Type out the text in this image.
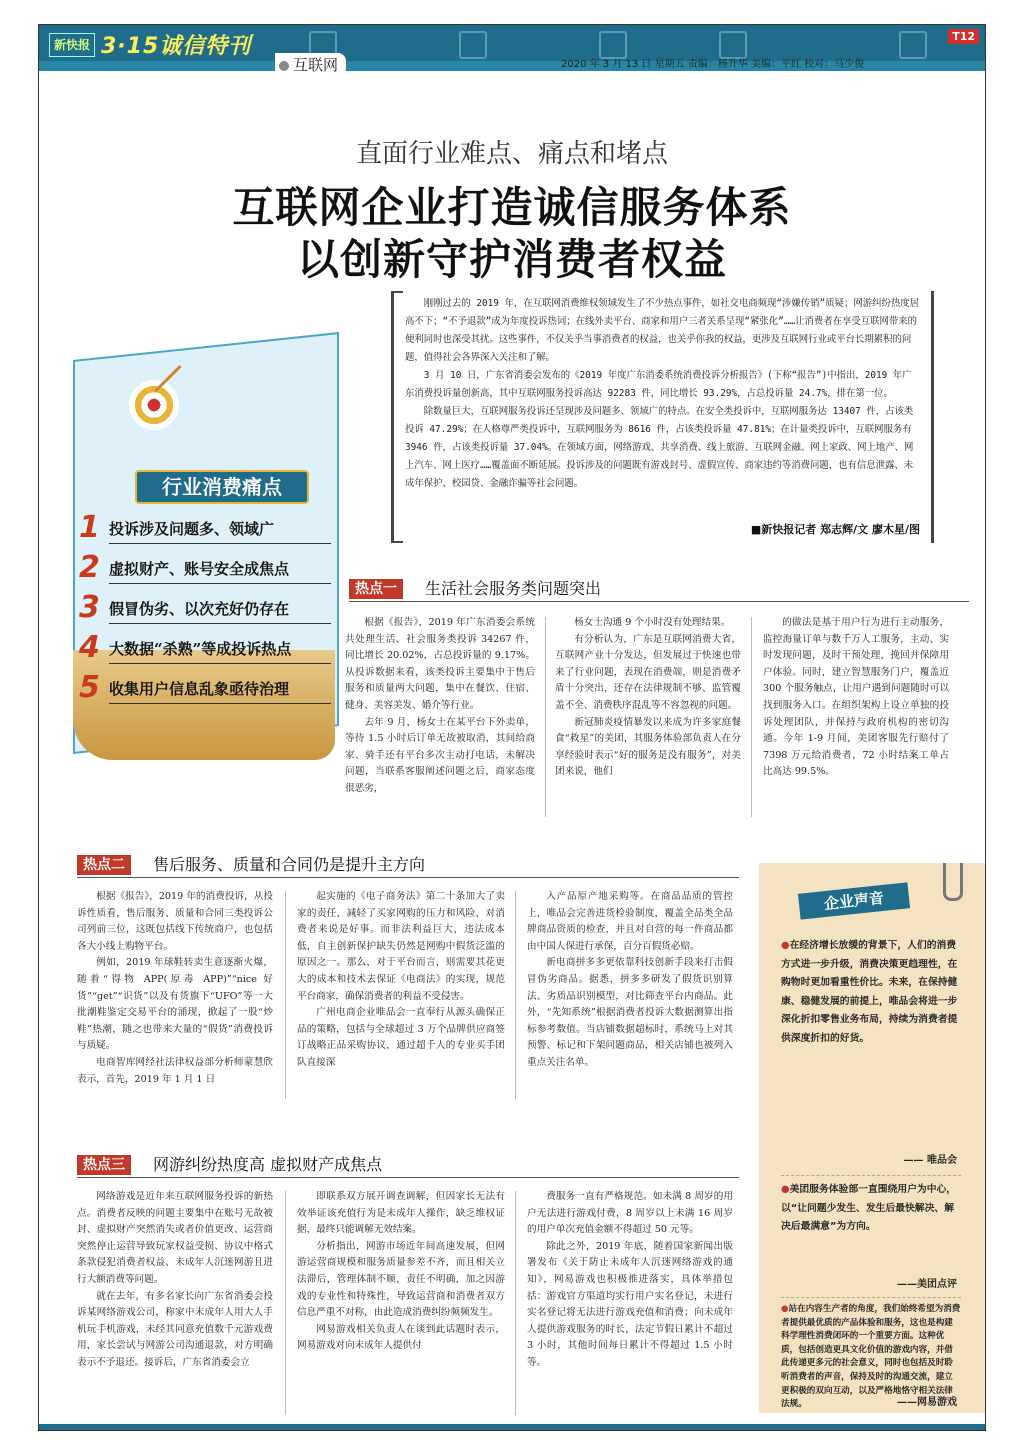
新快报 3·15诚信特刊	T12
互联网	2020 年 3 月 13 日 星期五 责编：杨升华 美编：平红 校对：马少俊
直面行业难点、痛点和堵点
互联网企业打造诚信服务体系
以创新守护消费者权益
行业消费痛点
1 投诉涉及问题多、领域广
2 虚拟财产、账号安全成焦点
3 假冒伪劣、以次充好仍存在
4 大数据“杀熟”等成投诉热点
5 收集用户信息乱象亟待治理

刚刚过去的 2019 年，在互联网消费维权领域发生了不少热点事件，如社交电商频现“涉嫌传销”质疑；网游纠纷热度居高不下；“不予退款”成为年度投诉热词；在线外卖平台、商家和用户三者关系呈现“紧张化”……让消费者在享受互联网带来的便利同时也深受其扰。这些事件，不仅关乎当事消费者的权益，也关乎你我的权益，更涉及互联网行业或平台长期累积的问题，值得社会各界深入关注和了解。

3 月 10 日，广东省消委会发布的《2019 年度广东消委系统消费投诉分析报告》(下称“报告”)中指出，2019 年广东消费投诉量创新高，其中互联网服务投诉高达 92283 件，同比增长 93.29%，占总投诉量 24.7%，排在第一位。

除数量巨大，互联网服务投诉还呈现涉及问题多、领域广的特点。在安全类投诉中，互联网服务达 13407 件，占该类投诉 47.29%；在人格尊严类投诉中，互联网服务为 8616 件，占该类投诉量 47.81%；在计量类投诉中，互联网服务有 3946 件，占该类投诉量 37.04%。在领域方面，网络游戏、共享消费、线上旅游、互联网金融、网上家政、网上地产、网上汽车、网上医疗……覆盖面不断延展。投诉涉及的问题既有游戏封号、虚假宣传、商家违约等消费问题，也有信息泄露、未成年保护、校园贷、金融诈骗等社会问题。

■新快报记者 郑志辉/文 廖木星/图
热点一	生活社会服务类问题突出

根据《报告》，2019 年广东消委会系统共处理生活、社会服务类投诉 34267 件，同比增长 20.02%，占总投诉量的 9.17%。从投诉数据来看，该类投诉主要集中于售后服务和质量两大问题，集中在餐饮、住宿、健身、美容美发、婚介等行业。

去年 9 月，杨女士在某平台下外卖单，等待 1.5 小时后订单无故被取消，其间给商家、骑手还有平台多次主动打电话，未解决问题，当联系客服阐述问题之后，商家态度很恶劣，

杨女士沟通 9 个小时没有处理结果。

有分析认为，广东是互联网消费大省，互联网产业十分发达，但发展过于快速也带来了行业问题，表现在消费端，则是消费矛盾十分突出，还存在法律规制不够、监管覆盖不全、消费秩序混乱等不容忽视的问题。

新冠肺炎疫情暴发以来成为许多家庭餐食“救星”的美团，其服务体验部负责人在分享经验时表示“好的服务是没有服务”，对美团来说，他们

的做法是基于用户行为进行主动服务，监控海量订单与数千万人工服务，主动、实时发现问题，及时干预处理，挽回并保障用户体验。同时，建立智慧服务门户，覆盖近 300 个服务触点，让用户遇到问题随时可以找到服务入口。在组织架构上设立单独的投诉处理团队，并保持与政府机构的密切沟通。今年 1-9 月间，美团客服先行赔付了 7398 万元给消费者，72 小时结案工单占比高达 99.5%。

热点二	售后服务、质量和合同仍是提升主方向

根据《报告》，2019 年的消费投诉，从投诉性质看，售后服务、质量和合同三类投诉公司列前三位，这既包括线下传统商户，也包括各大小线上购物平台。

例如，2019 年球鞋转卖生意逐渐火爆，随着“得物 APP(原毒 APP)”“nice 好货”“get”“识货”以及有货旗下“UFO”等一大批潮鞋鉴定交易平台的涌现，掀起了一股“炒鞋”热潮，随之也带来大量的“假货”消费投诉与质疑。

电商智库网经社法律权益部分析师蒙慧欣表示，首先，2019 年 1 月 1 日

起实施的《电子商务法》第二十条加大了卖家的责任，减轻了买家网购的压力和风险，对消费者来说是好事。而非法利益巨大，违法成本低，自主创新保护缺失仍然是网购中假货泛滥的原因之一。那么，对于平台而言，则需要其花更大的成本和技术去保证《电商法》的实现，规范平台商家，确保消费者的利益不受侵害。

广州电商企业唯品会一直奉行从源头确保正品的策略，包括与全球超过 3 万个品牌供应商签订战略正品采购协议，通过超千人的专业买手团队直接深

入产品原产地采购等。在商品品质的管控上，唯品会完善进货检验制度，覆盖全品类全品牌商品资质的检查，并且对自营的每一件商品都由中国人保进行承保，百分百假货必赔。

新电商拼多多更依靠科技创新手段来打击假冒伪劣商品。据悉，拼多多研发了假货识别算法、劣质品识别模型，对比筛查平台内商品。此外，“先知系统”根据消费者投诉大数据测算出指标参考数值。当店铺数据超标时，系统马上对其预警、标记和下架问题商品，相关店铺也被列入重点关注名单。

热点三	网游纠纷热度高 虚拟财产成焦点

网络游戏是近年来互联网服务投诉的新热点。消费者反映的问题主要集中在账号无故被封、虚拟财产突然消失或者价值更改、运营商突然停止运营导致玩家权益受损、协议中格式条款侵犯消费者权益、未成年人沉迷网游且进行大额消费等问题。

就在去年，有多名家长向广东省消委会投诉某网络游戏公司，称家中未成年人用大人手机玩手机游戏，未经其同意充值数千元游戏费用，家长尝试与网游公司沟通退款，对方明确表示不予退还。接诉后，广东省消委会立

即联系双方展开调查调解，但因家长无法有效举证该充值行为是未成年人操作，缺乏维权证据，最终只能调解无效结案。

分析指出，网游市场近年间高速发展，但网游运营商规模和服务质量参差不齐，而且相关立法滞后，管理体制不顺，责任不明确，加之因游戏的专业性和特殊性，导致运营商和消费者双方信息严重不对称，由此造成消费纠纷频频发生。

网易游戏相关负责人在谈到此话题时表示，网易游戏对向未成年人提供付

费服务一直有严格规范。如未满 8 周岁的用户无法进行游戏付费，8 周岁以上未满 16 周岁的用户单次充值金额不得超过 50 元等。

除此之外，2019 年底，随着国家新闻出版署发布《关于防止未成年人沉迷网络游戏的通知》，网易游戏也积极推进落实，具体举措包括：游戏官方渠道均实行用户实名登记，未进行实名登记将无法进行游戏充值和消费；向未成年人提供游戏服务的时长，法定节假日累计不超过 3 小时，其他时间每日累计不得超过 1.5 小时等。

企业声音
●在经济增长放缓的背景下，人们的消费方式进一步升级，消费决策更趋理性，在购物时更加看重性价比。未来，在保持健康、稳健发展的前提上，唯品会将进一步深化折扣零售业务布局，持续为消费者提供深度折扣的好货。
—— 唯品会
●美团服务体验部一直围绕用户为中心，以“让问题少发生、发生后最快解决、解决后最满意”为方向。
——美团点评
●站在内容生产者的角度，我们始终希望为消费者提供最优质的产品体验和服务，这也是构建科学理性消费闭环的一个重要方面。这种优质，包括创造更具文化价值的游戏内容，并借此传递更多元的社会意义，同时也包括及时聆听消费者的声音，保持及时的沟通交流，建立更积极的双向互动，以及严格地恪守相关法律法规。	——网易游戏
